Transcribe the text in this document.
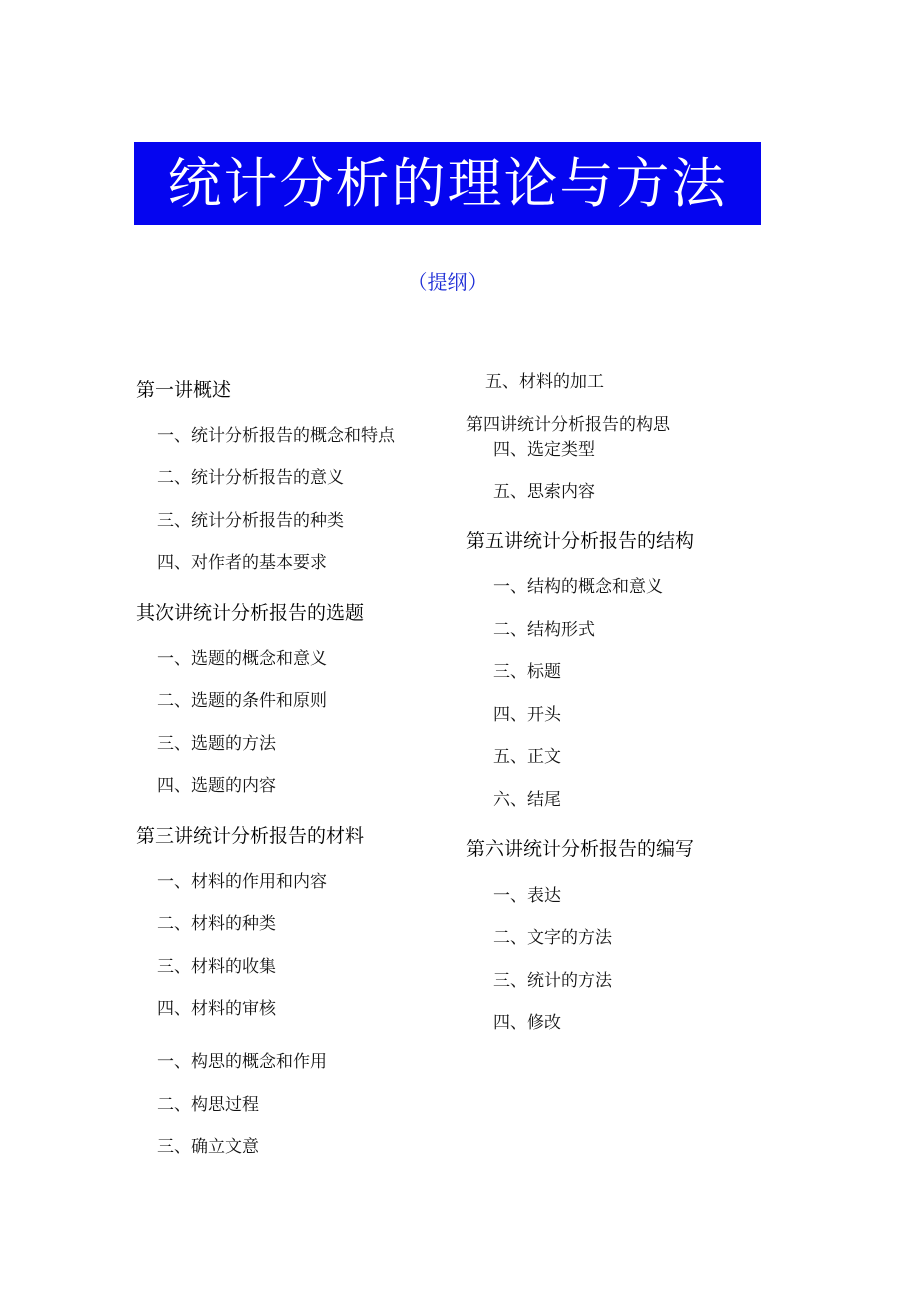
统计分析的理论与方法
（提纲）
第一讲概述
一、统计分析报告的概念和特点
二、统计分析报告的意义
三、统计分析报告的种类
四、对作者的基本要求
其次讲统计分析报告的选题
一、选题的概念和意义
二、选题的条件和原则
三、选题的方法
四、选题的内容
第三讲统计分析报告的材料
一、材料的作用和内容
二、材料的种类
三、材料的收集
四、材料的审核
一、构思的概念和作用
二、构思过程
三、确立文意
五、材料的加工
第四讲统计分析报告的构思
四、选定类型
五、思索内容
第五讲统计分析报告的结构
一、结构的概念和意义
二、结构形式
三、标题
四、开头
五、正文
六、结尾
第六讲统计分析报告的编写
一、表达
二、文字的方法
三、统计的方法
四、修改
